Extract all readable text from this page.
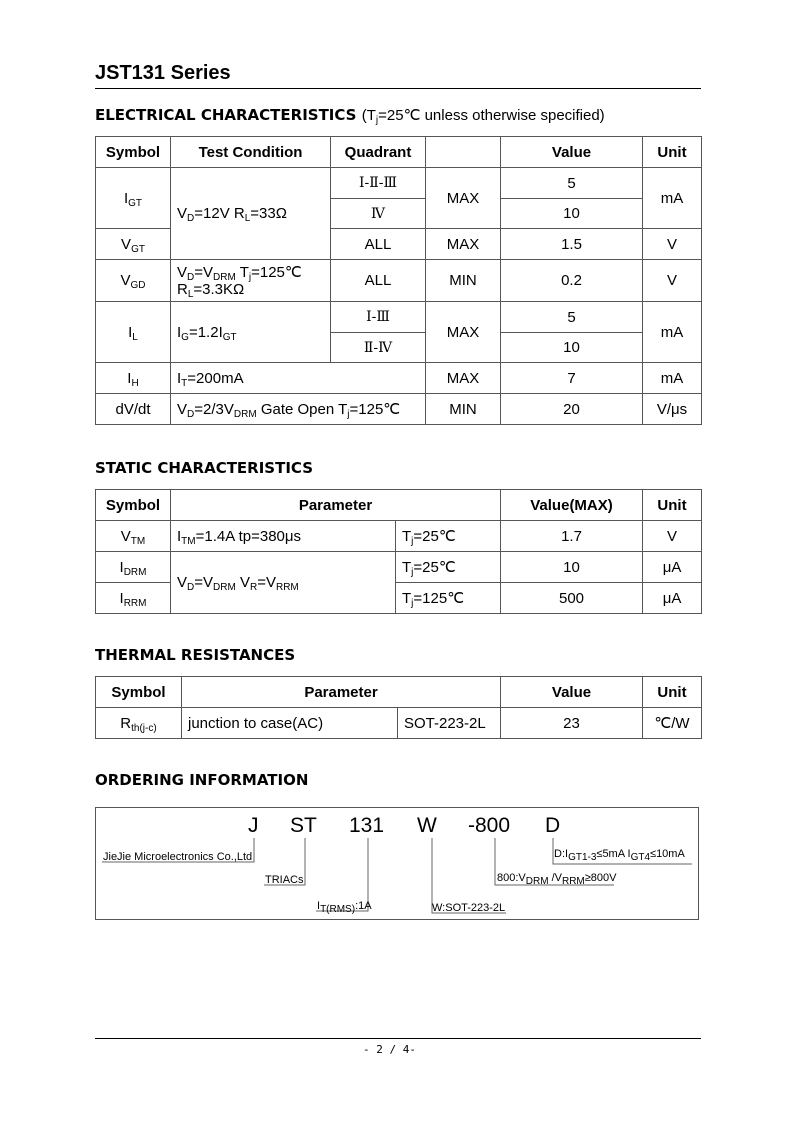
JST131 Series
ELECTRICAL CHARACTERISTICS ($T_j=25℃$ unless otherwise specified)
Symbol	Test Condition	Quadrant		Value	Unit
$I_{GT}$	$V_D=12V$ $R_L=33\Omega$	Ⅰ-Ⅱ-Ⅲ	MAX	5	mA
		Ⅳ		10	
$V_{GT}$		ALL	MAX	1.5	V
$V_{GD}$	$V_D=V_{DRM}$ $T_j=125℃$
$R_L=3.3K\Omega$	ALL	MIN	0.2	V
$I_L$	$I_G=1.2I_{GT}$	Ⅰ-Ⅲ	MAX	5	mA
		Ⅱ-Ⅳ		10	
$I_H$	$I_T=200mA$		MAX	7	mA
dV/dt	$V_D=2/3V_{DRM}$ Gate Open $T_j=125℃$		MIN	20	V/μs
STATIC CHARACTERISTICS
Symbol	Parameter		Value(MAX)	Unit
$V_{TM}$	$I_{TM}=1.4A$ tp=380μs	$T_j=25℃$	1.7	V
$I_{DRM}$	$V_D=V_{DRM}$ $V_R=V_{RRM}$	$T_j=25℃$	10	μA
$I_{RRM}$		$T_j=125℃$	500	μA
THERMAL RESISTANCES
Symbol	Parameter		Value	Unit
$R_{th(j-c)}$	junction to case(AC)	SOT-223-2L	23	℃/W
ORDERING INFORMATION
J ST 131 W -800 D
JieJie Microelectronics Co.,Ltd
TRIACs
$I_{T(RMS)}:1A$	W:SOT-223-2L
$800:V_{DRM}$ $/V_{RRM}\ge 800V$
$D:I_{GT1-3}\le 5mA$ $I_{GT4}\le 10mA$
- 2 / 4-
